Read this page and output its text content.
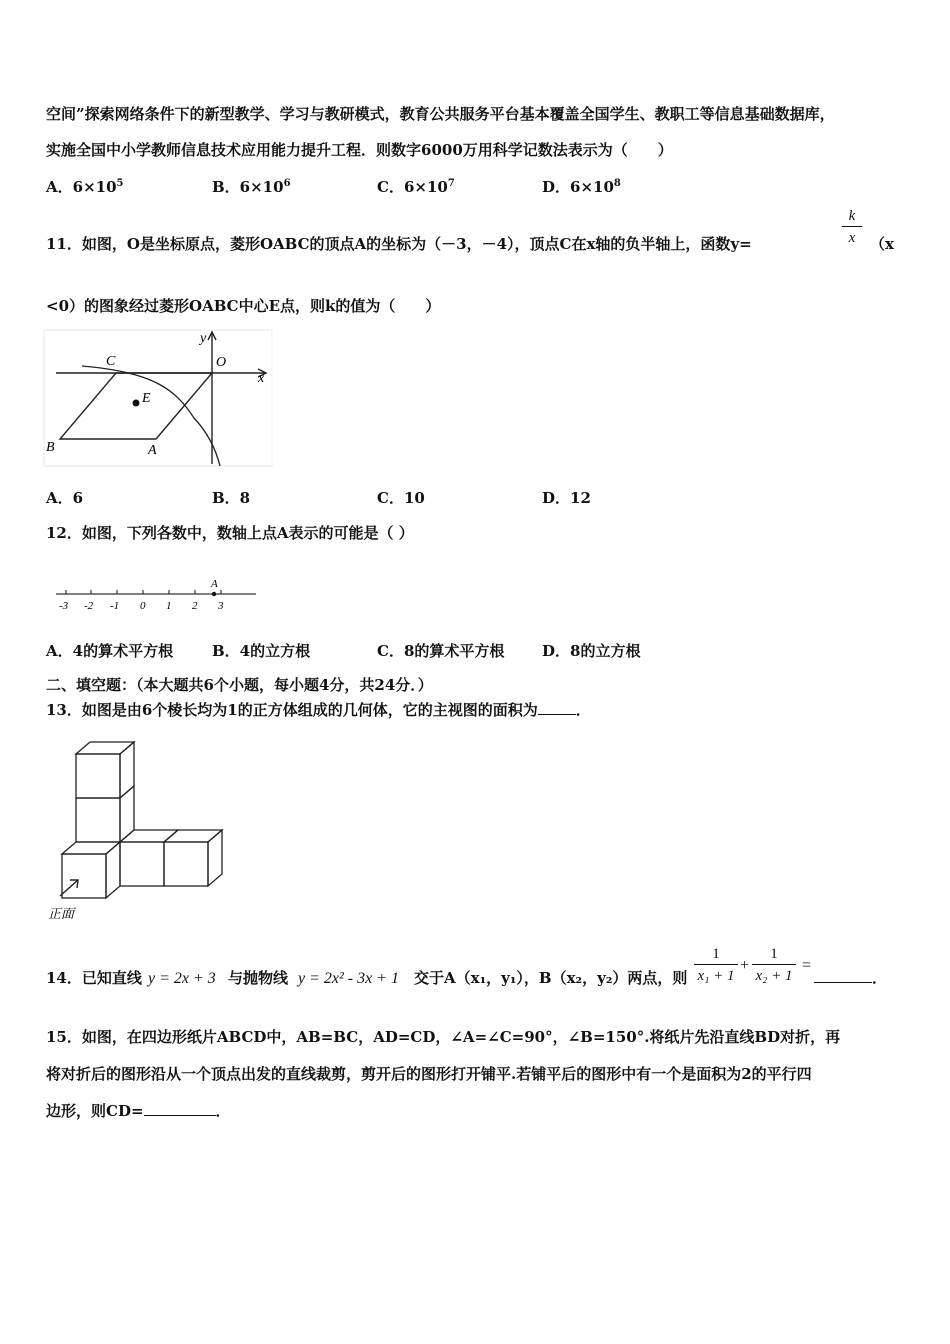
空间”探索网络条件下的新型教学、学习与教研模式，教育公共服务平台基本覆盖全国学生、教职工等信息基础数据库，
实施全国中小学教师信息技术应用能力提升工程．则数字6000万用科学记数法表示为（　　）
A．$6\times 10^5$	B．$6\times 10^6$	C．$6\times 10^7$	D．$6\times 10^8$
11．如图，O是坐标原点，菱形OABC的顶点A的坐标为（－3，－4），顶点C在x轴的负半轴上，函数y=	$\frac{k}{x} (x$
<0）的图象经过菱形OABC中心E点，则k的值为（　　）
C	O
y
x
E
B	A
A．6	B．8	C．10	D．12
12．如图，下列各数中，数轴上点A表示的可能是（ ）
A
-3 -2 -1 0 1 2 3
A．4的算术平方根	B．4的立方根	C．8的算术平方根	D．8的立方根
二、填空题：（本大题共6个小题，每小题4分，共24分．）
13．如图是由6个棱长均为1的正方体组成的几何体，它的主视图的面积为	．
正面
14．已知直线 y = 2x + 3 与抛物线 y = 2x² - 3x + 1 交于A（x₁，y₁），B（x₂，y₂）两点，则 $\frac{1}{\text{x₁ + 1}} + \frac{1}{\text{x₂ + 1}}$ =
．
15．如图，在四边形纸片ABCD中，AB=BC，AD=CD，∠A=∠C=90°，∠B=150°.将纸片先沿直线BD对折，再
将对折后的图形沿从一个顶点出发的直线裁剪，剪开后的图形打开铺平.若铺平后的图形中有一个是面积为2的平行四
边形，则CD=	．
